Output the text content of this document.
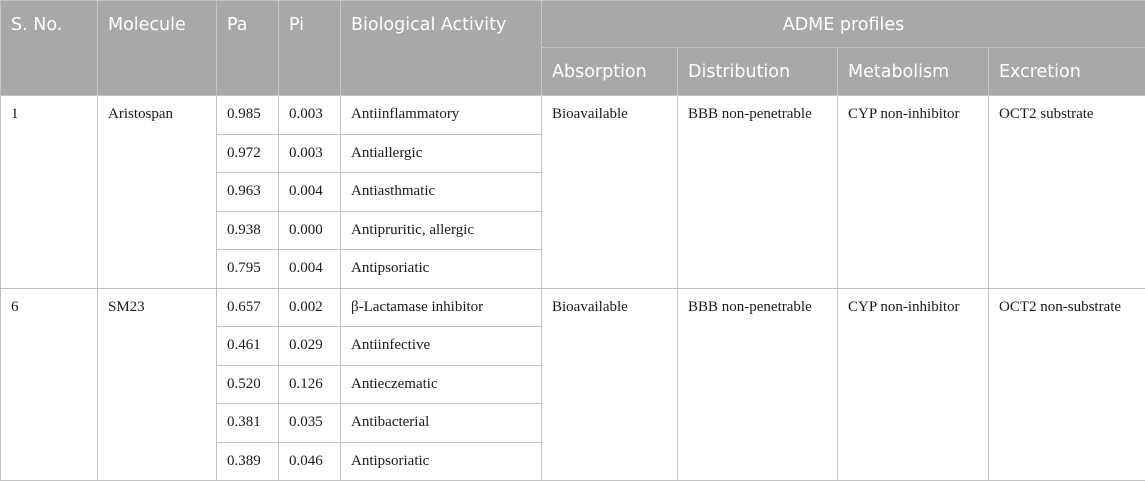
S. No.	Molecule	Pa	Pi	Biological Activity	ADME profiles			
					Absorption	Distribution	Metabolism	Excretion
1	Aristospan	0.985	0.003	Antiinflammatory	Bioavailable	BBB non-penetrable	CYP non-inhibitor	OCT2 substrate
		0.972	0.003	Antiallergic				
		0.963	0.004	Antiasthmatic				
		0.938	0.000	Antipruritic, allergic				
		0.795	0.004	Antipsoriatic				
6	SM23	0.657	0.002	β-Lactamase inhibitor	Bioavailable	BBB non-penetrable	CYP non-inhibitor	OCT2 non-substrate
		0.461	0.029	Antiinfective				
		0.520	0.126	Antieczematic				
		0.381	0.035	Antibacterial				
		0.389	0.046	Antipsoriatic				
